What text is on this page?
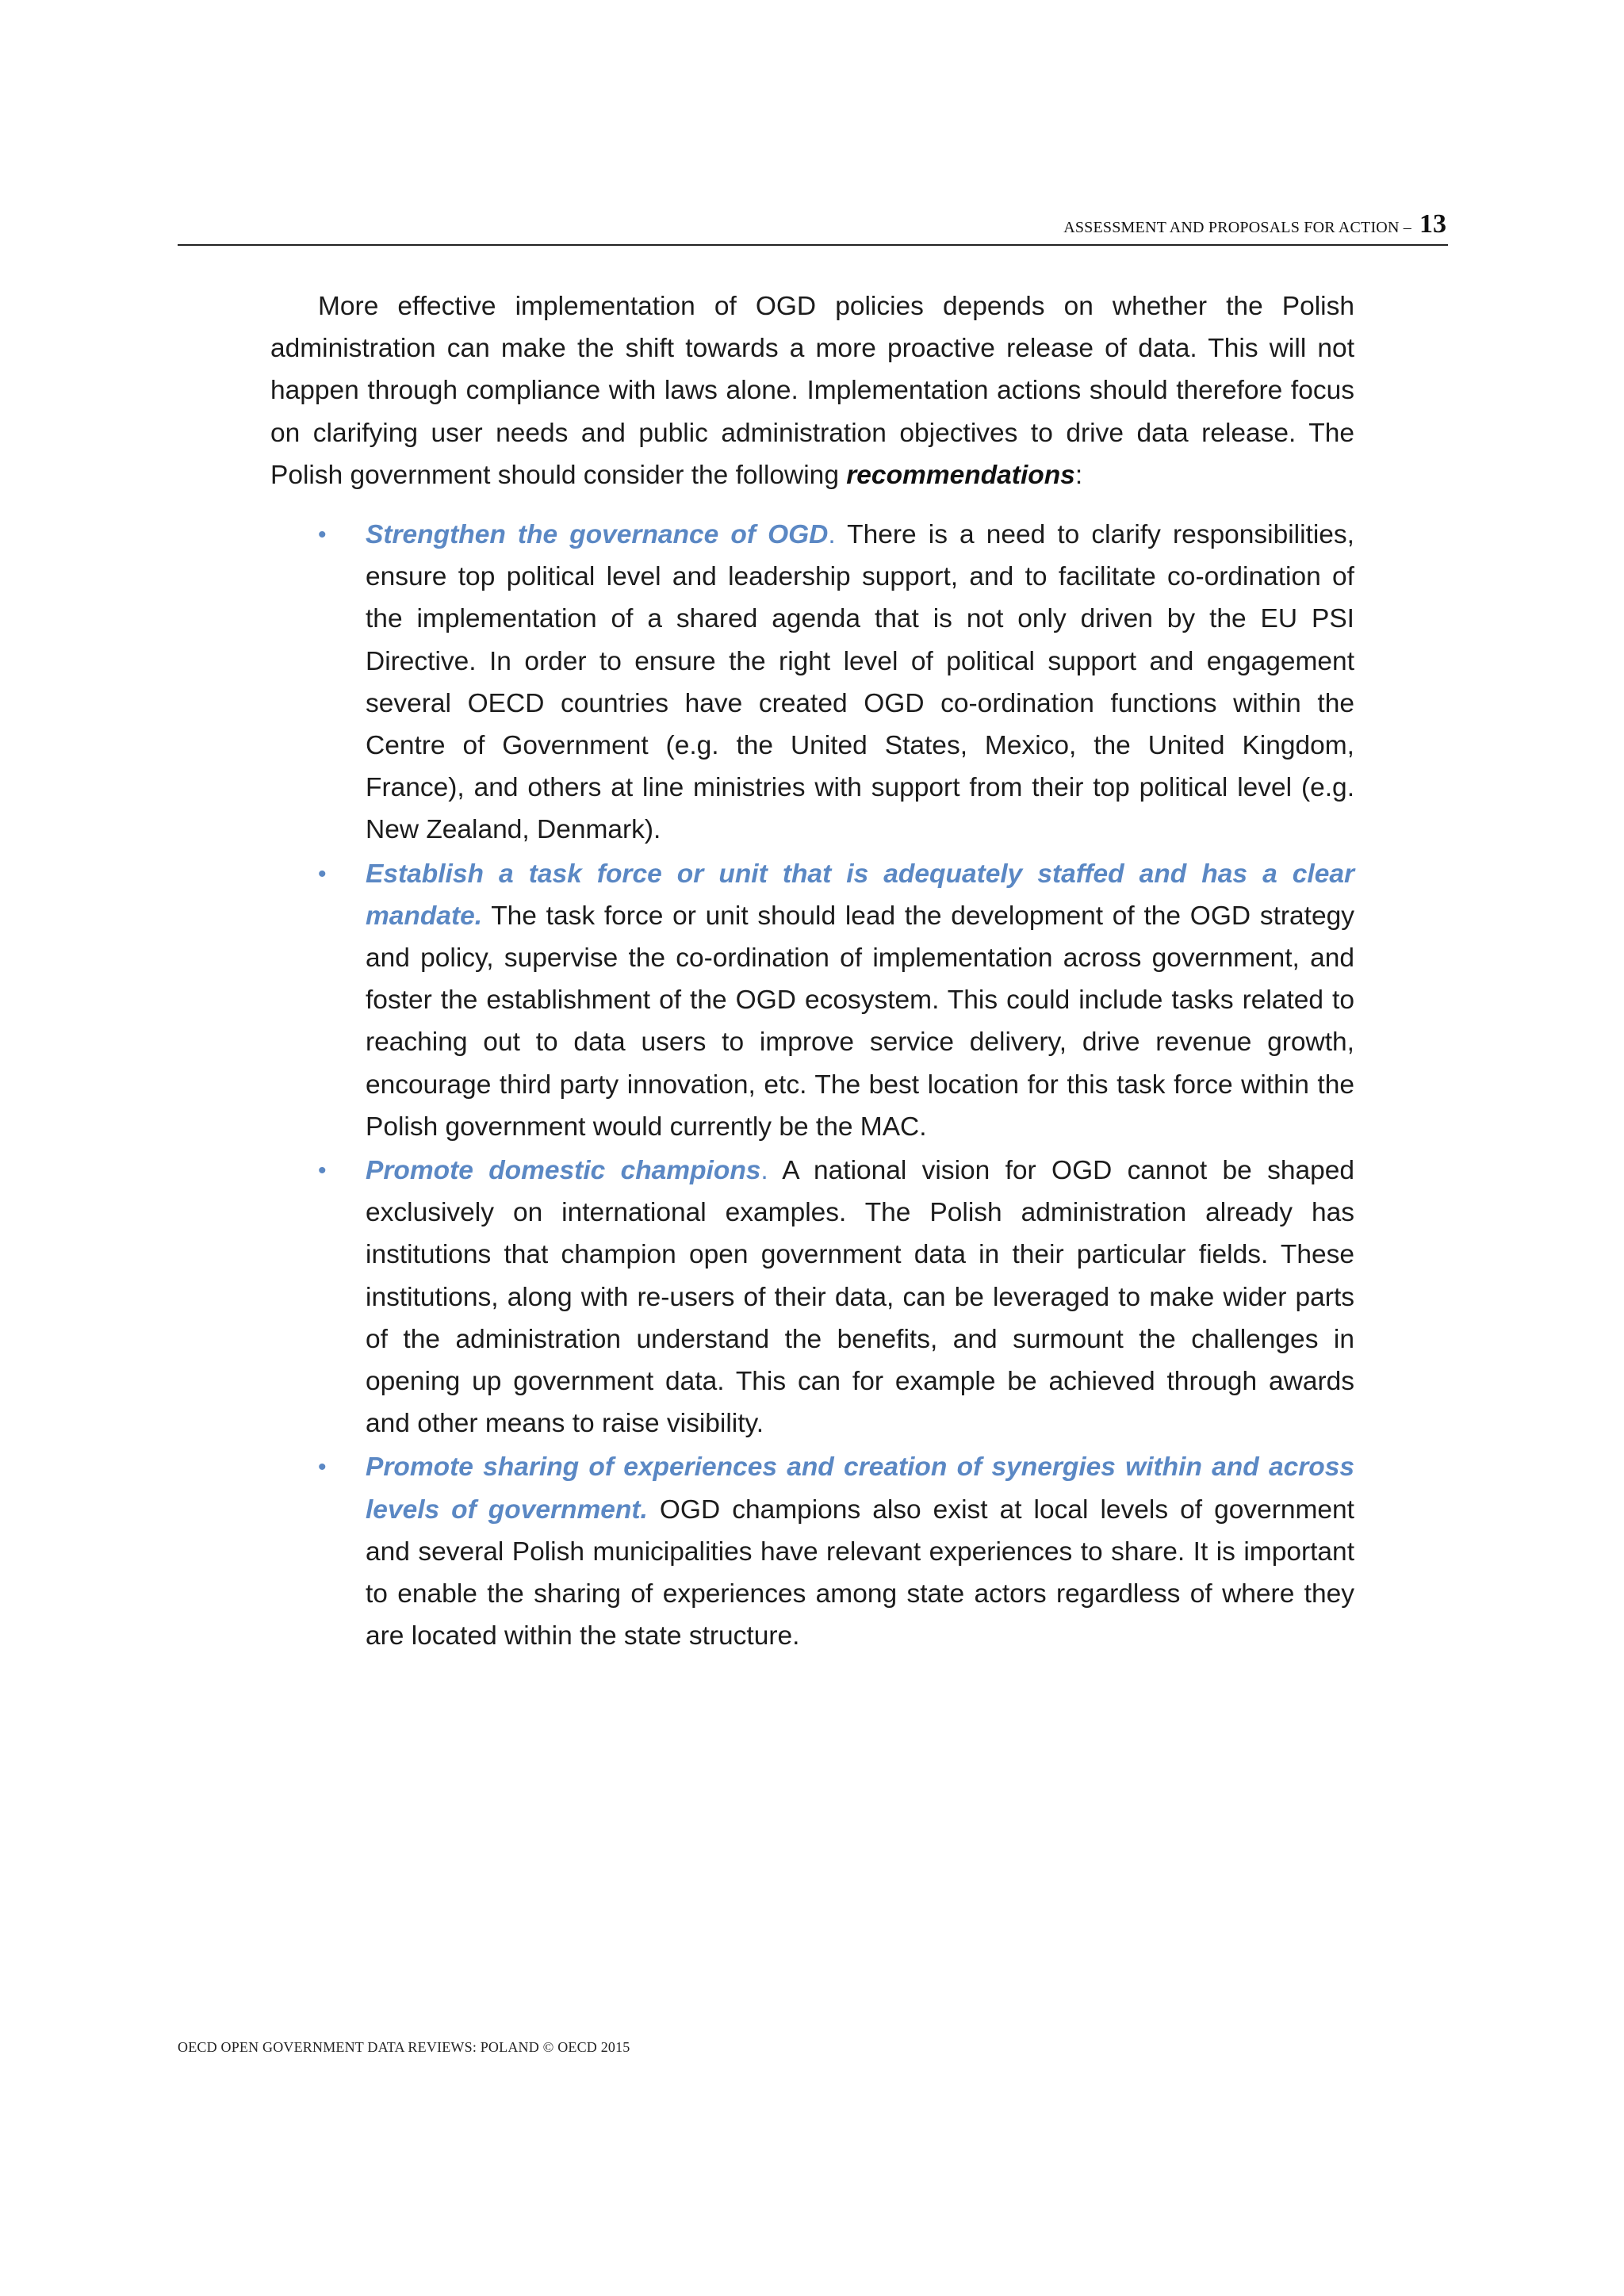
ASSESSMENT AND PROPOSALS FOR ACTION – 13

More effective implementation of OGD policies depends on whether the Polish administration can make the shift towards a more proactive release of data. This will not happen through compliance with laws alone. Implementation actions should therefore focus on clarifying user needs and public administration objectives to drive data release. The Polish government should consider the following recommendations:

•	Strengthen the governance of OGD. There is a need to clarify responsibilities, ensure top political level and leadership support, and to facilitate co-ordination of the implementation of a shared agenda that is not only driven by the EU PSI Directive. In order to ensure the right level of political support and engagement several OECD countries have created OGD co-ordination functions within the Centre of Government (e.g. the United States, Mexico, the United Kingdom, France), and others at line ministries with support from their top political level (e.g. New Zealand, Denmark).
•	Establish a task force or unit that is adequately staffed and has a clear mandate. The task force or unit should lead the development of the OGD strategy and policy, supervise the co-ordination of implementation across government, and foster the establishment of the OGD ecosystem. This could include tasks related to reaching out to data users to improve service delivery, drive revenue growth, encourage third party innovation, etc. The best location for this task force within the Polish government would currently be the MAC.
•	Promote domestic champions. A national vision for OGD cannot be shaped exclusively on international examples. The Polish administration already has institutions that champion open government data in their particular fields. These institutions, along with re-users of their data, can be leveraged to make wider parts of the administration understand the benefits, and surmount the challenges in opening up government data. This can for example be achieved through awards and other means to raise visibility.
•	Promote sharing of experiences and creation of synergies within and across levels of government. OGD champions also exist at local levels of government and several Polish municipalities have relevant experiences to share. It is important to enable the sharing of experiences among state actors regardless of where they are located within the state structure.
OECD OPEN GOVERNMENT DATA REVIEWS: POLAND © OECD 2015
